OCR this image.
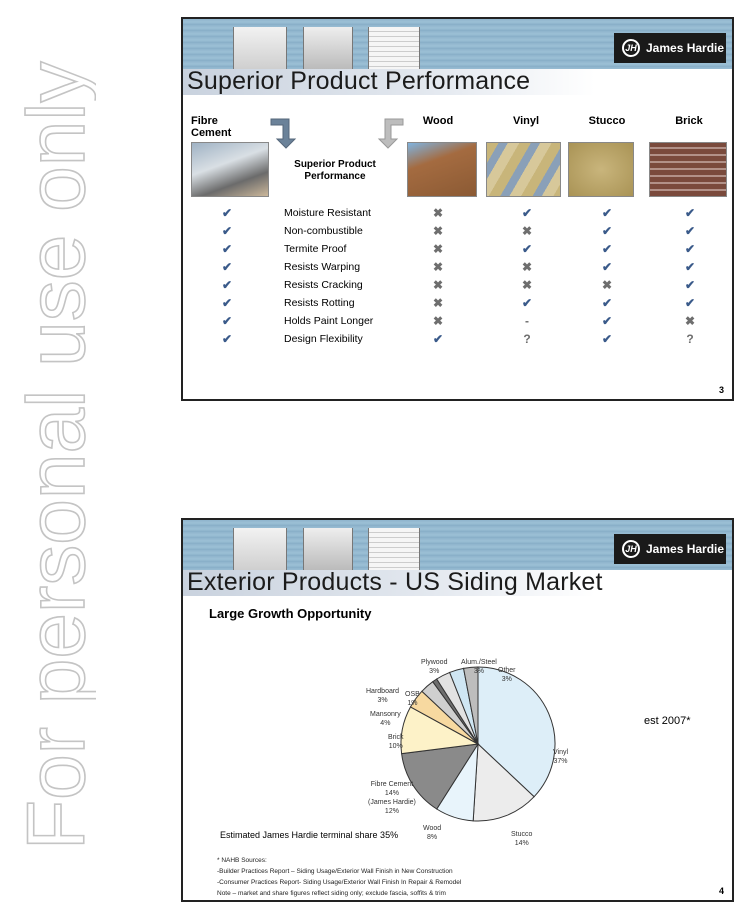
For personal use only
JH James Hardie
Superior Product Performance
Fibre Cement
Wood	Vinyl	Stucco	Brick
Superior Product Performance
Moisture Resistant
✔	✖	✔	✔	✔
Non-combustible
✔	✖	✖	✔	✔
Termite Proof
✔	✖	✔	✔	✔
Resists Warping
✔	✖	✖	✔	✔
Resists Cracking
✔	✖	✖	✖	✔
Resists Rotting
✔	✖	✔	✔	✔
Holds Paint Longer
✔	✖	-	✔	✖
Design Flexibility
✔	✔	?	✔	?
3
JH James Hardie
Exterior Products - US Siding Market
Large Growth Opportunity
Vinyl
37%
Stucco
14%
Wood
8%
Fibre Cement
14%
(James Hardie)
12%
Brick
10%
Mansonry
4%
Hardboard
3%
OSB
1%
Plywood
3%
Alum./Steel
3%	Other
3%
est 2007*
Estimated James Hardie terminal share 35%
* NAHB Sources:
-Builder Practices Report – Siding Usage/Exterior Wall Finish in New Construction
-Consumer Practices Report- Siding Usage/Exterior Wall Finish In Repair & Remodel
Note – market and share figures reflect siding only; exclude fascia, soffits & trim	4
